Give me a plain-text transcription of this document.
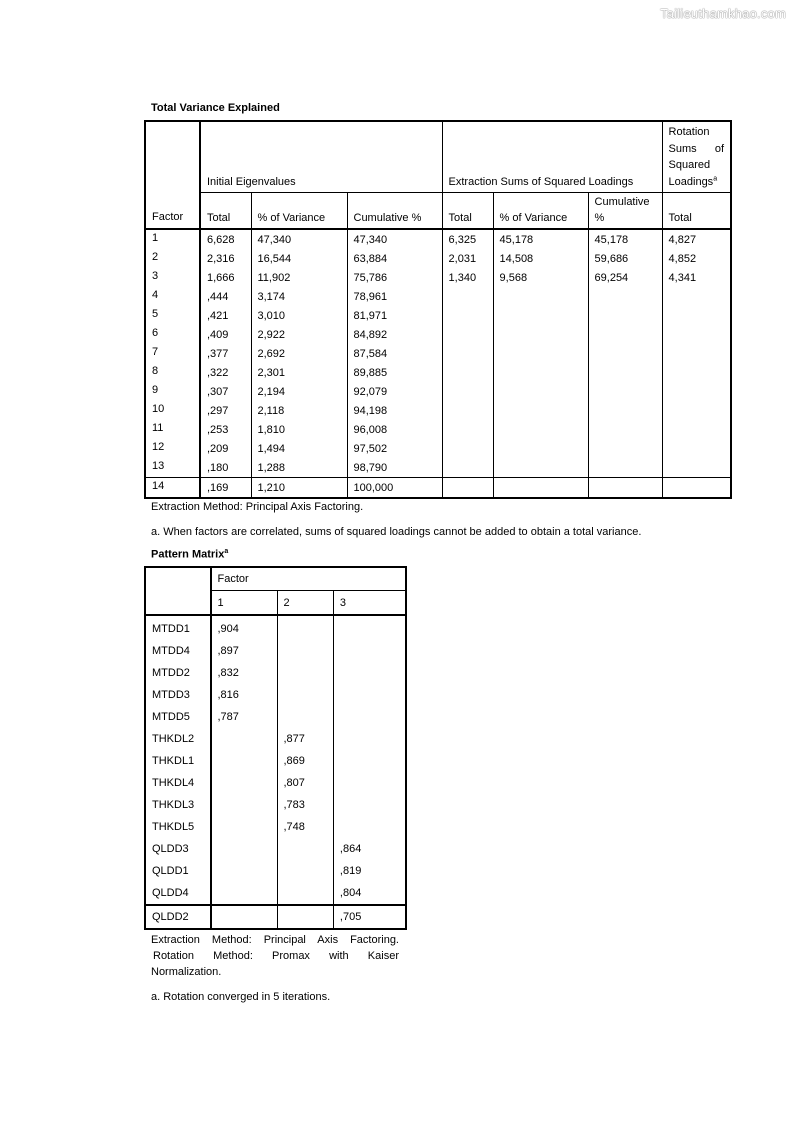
Tailieuthamkhao.com
Total Variance Explained
Factor	Initial Eigenvalues			Extraction Sums of Squared Loadings			Rotation
Sums of
Squared
Loadings$^a$

	Total	% of Variance	Cumulative %	Total	% of Variance	Cumulative
%	Total
1	6,628	47,340	47,340	6,325	45,178	45,178	4,827
2	2,316	16,544	63,884	2,031	14,508	59,686	4,852
3	1,666	11,902	75,786	1,340	9,568	69,254	4,341
4	,444	3,174	78,961				
5	,421	3,010	81,971				
6	,409	2,922	84,892				
7	,377	2,692	87,584				
8	,322	2,301	89,885				
9	,307	2,194	92,079				
10	,297	2,118	94,198				
11	,253	1,810	96,008				
12	,209	1,494	97,502				
13	,180	1,288	98,790				
14	,169	1,210	100,000				
Extraction Method: Principal Axis Factoring.
a. When factors are correlated, sums of squared loadings cannot be added to obtain a total variance.
Pattern Matrix$^a$
	Factor		
	1	2	3
MTDD1	,904		
MTDD4	,897		
MTDD2	,832		
MTDD3	,816		
MTDD5	,787		
THKDL2		,877	
THKDL1		,869	
THKDL4		,807	
THKDL3		,783	
THKDL5		,748	
QLDD3			,864
QLDD1			,819
QLDD4			,804
QLDD2			,705
Extraction Method: Principal Axis Factoring.
Rotation Method: Promax with Kaiser
Normalization.
a. Rotation converged in 5 iterations.
